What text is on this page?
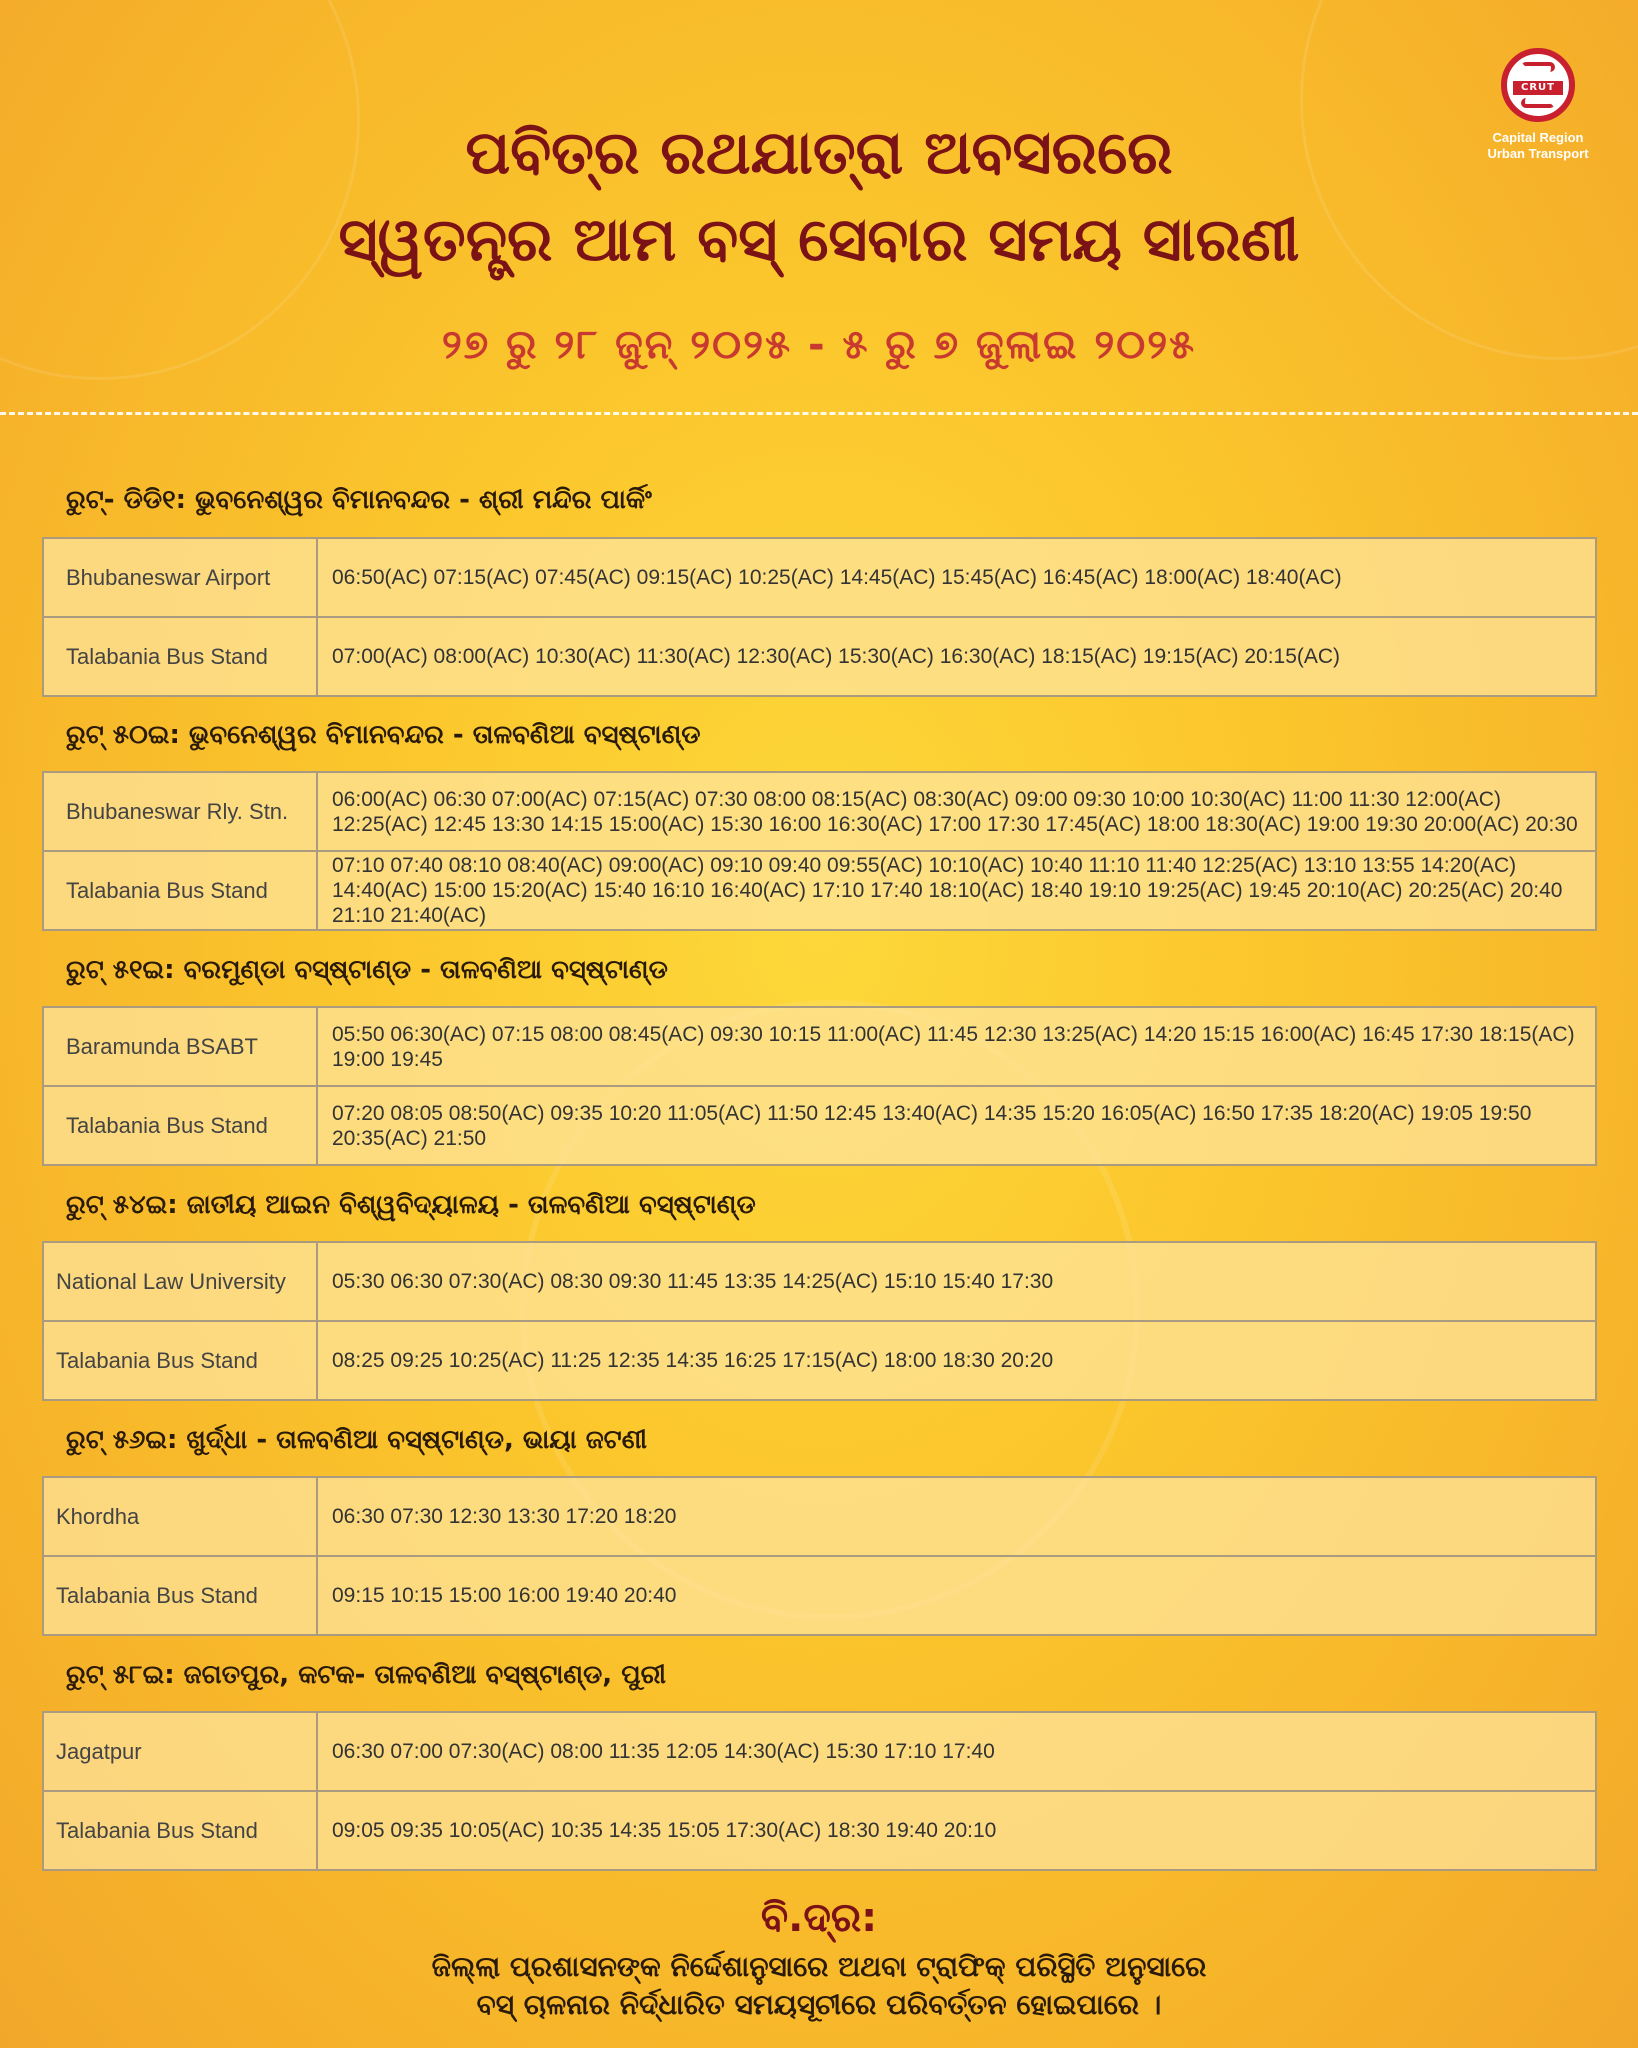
CRUT
Capital Region
Urban Transport
ପବିତ୍ର ରଥଯାତ୍ରା ଅବସରରେ
ସ୍ୱତନ୍ତ୍ର ଆମ ବସ୍ ସେବାର ସମୟ ସାରଣୀ
୨୭ ରୁ ୨୮ ଜୁନ୍ ୨୦୨୫ - ୫ ରୁ ୭ ଜୁଲାଇ ୨୦୨୫
ରୁଟ୍- ଡିଡି୧: ଭୁବନେଶ୍ୱର ବିମାନବନ୍ଦର - ଶ୍ରୀ ମନ୍ଦିର ପାର୍କିଂ
Bhubaneswar Airport	06:50(AC) 07:15(AC) 07:45(AC) 09:15(AC) 10:25(AC) 14:45(AC) 15:45(AC) 16:45(AC) 18:00(AC) 18:40(AC)
Talabania Bus Stand	07:00(AC) 08:00(AC) 10:30(AC) 11:30(AC) 12:30(AC) 15:30(AC) 16:30(AC) 18:15(AC) 19:15(AC) 20:15(AC)
ରୁଟ୍ ୫୦ଇ: ଭୁବନେଶ୍ୱର ବିମାନବନ୍ଦର - ତାଳବଣିଆ ବସ୍‌ଷ୍ଟାଣ୍ଡ
Bhubaneswar Rly. Stn.	06:00(AC) 06:30 07:00(AC) 07:15(AC) 07:30 08:00 08:15(AC) 08:30(AC) 09:00 09:30 10:00 10:30(AC) 11:00 11:30 12:00(AC) 12:25(AC) 12:45 13:30 14:15 15:00(AC) 15:30 16:00 16:30(AC) 17:00 17:30 17:45(AC) 18:00 18:30(AC) 19:00 19:30 20:00(AC) 20:30
Talabania Bus Stand	07:10 07:40 08:10 08:40(AC) 09:00(AC) 09:10 09:40 09:55(AC) 10:10(AC) 10:40 11:10 11:40 12:25(AC) 13:10 13:55 14:20(AC) 14:40(AC) 15:00 15:20(AC) 15:40 16:10 16:40(AC) 17:10 17:40 18:10(AC) 18:40 19:10 19:25(AC) 19:45 20:10(AC) 20:25(AC) 20:40 21:10 21:40(AC)
ରୁଟ୍ ୫୧ଇ: ବରମୁଣ୍ଡା ବସ୍‌ଷ୍ଟାଣ୍ଡ - ତାଳବଣିଆ ବସ୍‌ଷ୍ଟାଣ୍ଡ
Baramunda BSABT	05:50 06:30(AC) 07:15 08:00 08:45(AC) 09:30 10:15 11:00(AC) 11:45 12:30 13:25(AC) 14:20 15:15 16:00(AC) 16:45 17:30 18:15(AC) 19:00 19:45
Talabania Bus Stand	07:20 08:05 08:50(AC) 09:35 10:20 11:05(AC) 11:50 12:45 13:40(AC) 14:35 15:20 16:05(AC) 16:50 17:35 18:20(AC) 19:05 19:50 20:35(AC) 21:50
ରୁଟ୍ ୫୪ଇ: ଜାତୀୟ ଆଇନ ବିଶ୍ୱବିଦ୍ୟାଳୟ - ତାଳବଣିଆ ବସ୍‌ଷ୍ଟାଣ୍ଡ
National Law University	05:30 06:30 07:30(AC) 08:30 09:30 11:45 13:35 14:25(AC) 15:10 15:40 17:30
Talabania Bus Stand	08:25 09:25 10:25(AC) 11:25 12:35 14:35 16:25 17:15(AC) 18:00 18:30 20:20
ରୁଟ୍ ୫୬ଇ: ଖୁର୍ଦ୍ଧା - ତାଳବଣିଆ ବସ୍‌ଷ୍ଟାଣ୍ଡ, ଭାୟା ଜଟଣୀ
Khordha	06:30 07:30 12:30 13:30 17:20 18:20
Talabania Bus Stand	09:15 10:15 15:00 16:00 19:40 20:40
ରୁଟ୍ ୫୮ଇ: ଜଗତପୁର, କଟକ- ତାଳବଣିଆ ବସ୍‌ଷ୍ଟାଣ୍ଡ, ପୁରୀ
Jagatpur	06:30 07:00 07:30(AC) 08:00 11:35 12:05 14:30(AC) 15:30 17:10 17:40
Talabania Bus Stand	09:05 09:35 10:05(AC) 10:35 14:35 15:05 17:30(AC) 18:30 19:40 20:10
ବି.ଦ୍ର:
ଜିଲ୍ଲା ପ୍ରଶାସନଙ୍କ ନିର୍ଦ୍ଦେଶାନୁସାରେ ଅଥବା ଟ୍ରାଫିକ୍ ପରିସ୍ଥିତି ଅନୁସାରେ
ବସ୍ ଚାଳନାର ନିର୍ଦ୍ଧାରିତ ସମୟସୂଚୀରେ ପରିବର୍ତ୍ତନ ହୋଇପାରେ ।
